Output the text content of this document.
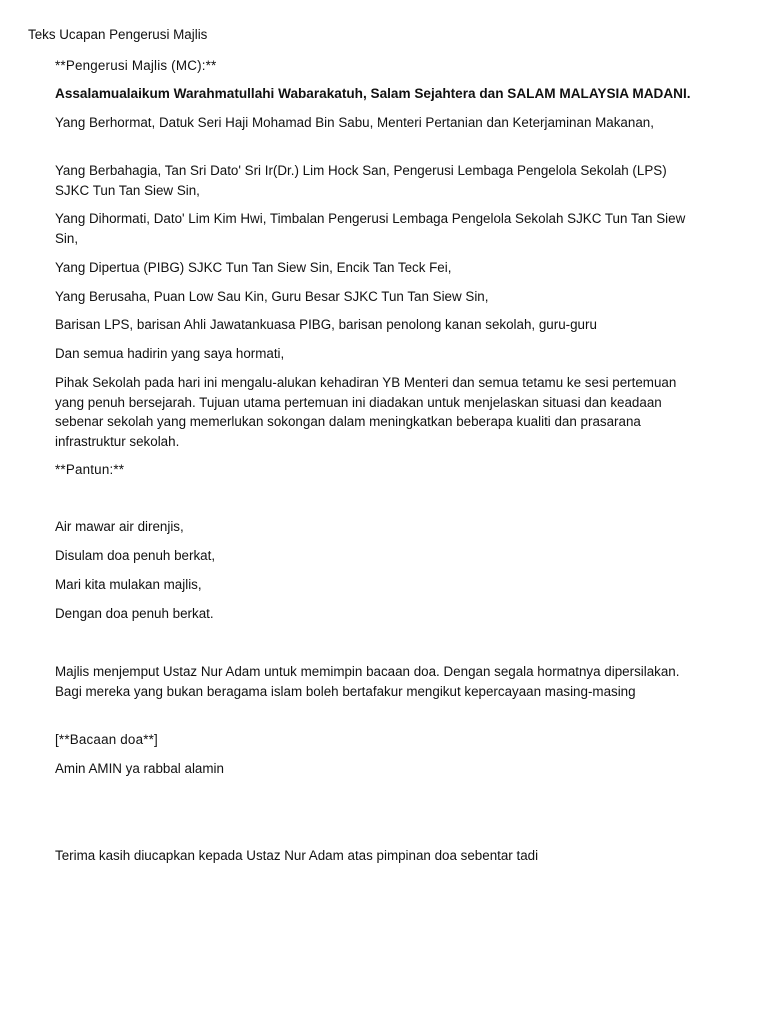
Teks Ucapan Pengerusi Majlis
**Pengerusi Majlis (MC):**
Assalamualaikum Warahmatullahi Wabarakatuh, Salam Sejahtera dan SALAM MALAYSIA MADANI.
Yang Berhormat, Datuk Seri Haji Mohamad Bin Sabu, Menteri Pertanian dan Keterjaminan Makanan,
Yang Berbahagia, Tan Sri Dato' Sri Ir(Dr.) Lim Hock San, Pengerusi Lembaga Pengelola Sekolah (LPS) SJKC Tun Tan Siew Sin,
Yang Dihormati, Dato' Lim Kim Hwi, Timbalan Pengerusi Lembaga Pengelola Sekolah SJKC Tun Tan Siew Sin,
Yang Dipertua (PIBG) SJKC Tun Tan Siew Sin, Encik Tan Teck Fei,
Yang Berusaha, Puan Low Sau Kin, Guru Besar SJKC Tun Tan Siew Sin,
Barisan LPS, barisan Ahli Jawatankuasa PIBG, barisan penolong kanan sekolah, guru-guru
Dan semua hadirin yang saya hormati,
Pihak Sekolah pada hari ini mengalu-alukan kehadiran YB Menteri dan semua tetamu ke sesi pertemuan yang penuh bersejarah. Tujuan utama pertemuan ini diadakan untuk menjelaskan situasi dan keadaan sebenar sekolah yang memerlukan sokongan dalam meningkatkan beberapa kualiti dan prasarana infrastruktur sekolah.
**Pantun:**
Air mawar air direnjis,
Disulam doa penuh berkat,
Mari kita mulakan majlis,
Dengan doa penuh berkat.
Majlis menjemput Ustaz Nur Adam untuk memimpin bacaan doa. Dengan segala hormatnya dipersilakan. Bagi mereka yang bukan beragama islam boleh bertafakur mengikut kepercayaan masing-masing
[**Bacaan doa**]
Amin AMIN ya rabbal alamin
Terima kasih diucapkan kepada Ustaz Nur Adam atas pimpinan doa sebentar tadi
